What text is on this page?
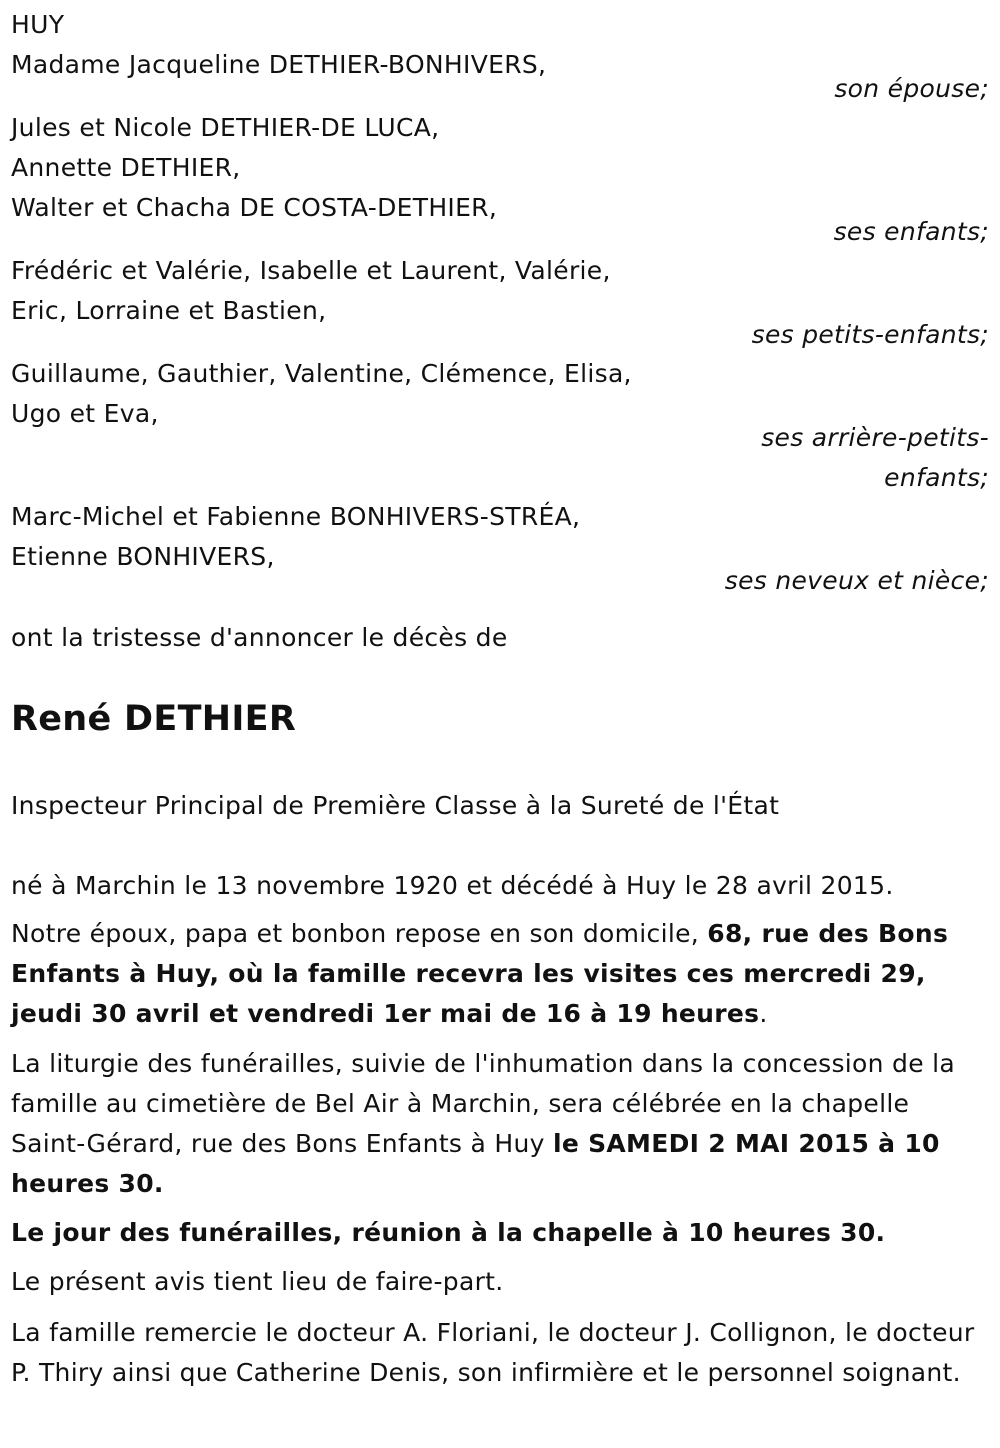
HUY

Madame Jacqueline DETHIER-BONHIVERS,

son épouse;

Jules et Nicole DETHIER-DE LUCA,

Annette DETHIER,

Walter et Chacha DE COSTA-DETHIER,

ses enfants;

Frédéric et Valérie, Isabelle et Laurent, Valérie,

Eric, Lorraine et Bastien,

ses petits-enfants;

Guillaume, Gauthier, Valentine, Clémence, Elisa,

Ugo et Eva,

ses arrière-petits-

enfants;

Marc-Michel et Fabienne BONHIVERS-STRÉA,

Etienne BONHIVERS,

ses neveux et nièce;

ont la tristesse d'annoncer le décès de

René DETHIER

Inspecteur Principal de Première Classe à la Sureté de l'État

né à Marchin le 13 novembre 1920 et décédé à Huy le 28 avril 2015.

Notre époux, papa et bonbon repose en son domicile, 68, rue des Bons Enfants à Huy, où la famille recevra les visites ces mercredi 29, jeudi 30 avril et vendredi 1er mai de 16 à 19 heures.

La liturgie des funérailles, suivie de l'inhumation dans la concession de la famille au cimetière de Bel Air à Marchin, sera célébrée en la chapelle Saint-Gérard, rue des Bons Enfants à Huy le SAMEDI 2 MAI 2015 à 10 heures 30.

Le jour des funérailles, réunion à la chapelle à 10 heures 30.

Le présent avis tient lieu de faire-part.

La famille remercie le docteur A. Floriani, le docteur J. Collignon, le docteur P. Thiry ainsi que Catherine Denis, son infirmière et le personnel soignant.
